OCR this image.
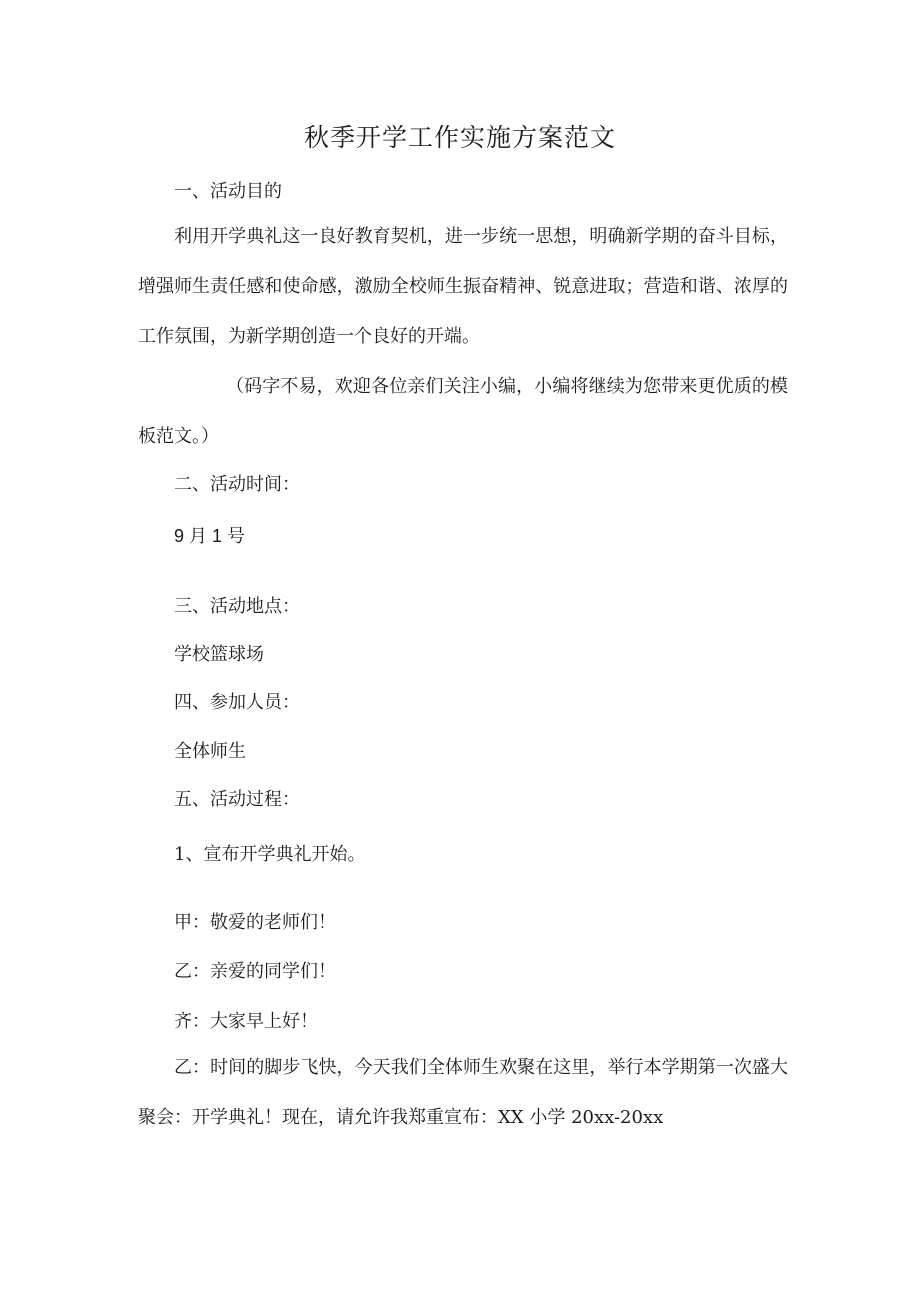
秋季开学工作实施方案范文
一、活动目的
利用开学典礼这一良好教育契机，进一步统一思想，明确新学期的奋斗目标，增强师生责任感和使命感，激励全校师生振奋精神、锐意进取；营造和谐、浓厚的工作氛围，为新学期创造一个良好的开端。
（码字不易，欢迎各位亲们关注小编，小编将继续为您带来更优质的模板范文。）
二、活动时间：
9 月 1 号
三、活动地点：
学校篮球场
四、参加人员：
全体师生
五、活动过程：
1、宣布开学典礼开始。
甲：敬爱的老师们！
乙：亲爱的同学们！
齐：大家早上好！
乙：时间的脚步飞快，今天我们全体师生欢聚在这里，举行本学期第一次盛大聚会：开学典礼！现在，请允许我郑重宣布：XX 小学 20xx-20xx
